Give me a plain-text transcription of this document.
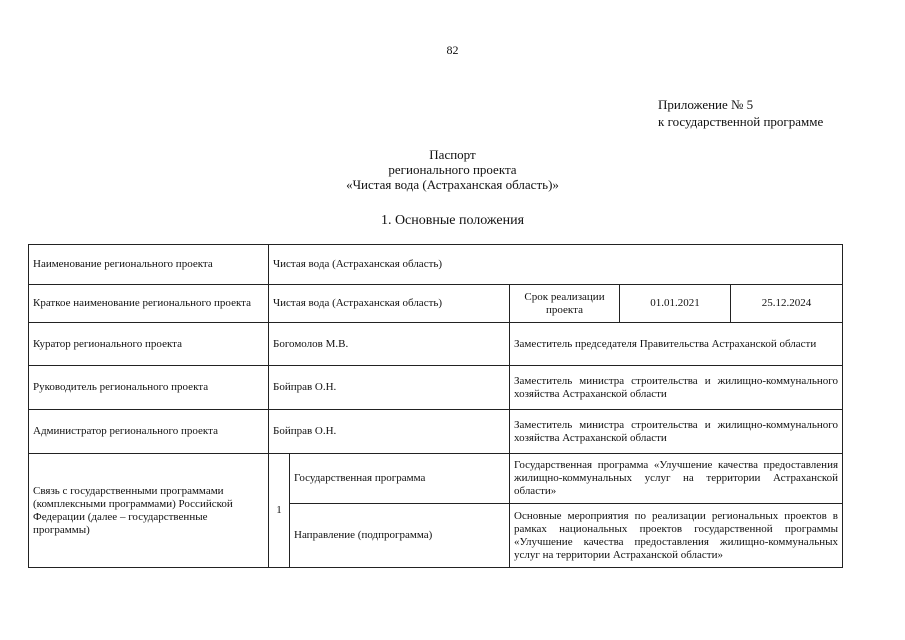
82
Приложение № 5
к государственной программе
Паспорт
регионального проекта
«Чистая вода (Астраханская область)»
1. Основные положения
Наименование регионального проекта	Чистая вода (Астраханская область)				
Краткое наименование регионального проекта	Чистая вода (Астраханская область)		Срок реализации проекта	01.01.2021	25.12.2024
Куратор регионального проекта	Богомолов М.В.		Заместитель председателя Правительства Астраханской области		
Руководитель регионального проекта	Бойправ О.Н.		Заместитель министра строительства и жилищно-коммунального хозяйства Астраханской области		
Администратор регионального проекта	Бойправ О.Н.		Заместитель министра строительства и жилищно-коммунального хозяйства Астраханской области		
Связь с государственными программами (комплексными программами) Российской Федерации (далее – государственные программы)	1	Государственная программа	Государственная программа «Улучшение качества предоставления жилищно-коммунальных услуг на территории Астраханской области»		
		Направление (подпрограмма)	Основные мероприятия по реализации региональных проектов в рамках национальных проектов государственной программы «Улучшение качества предоставления жилищно-коммунальных услуг на территории Астраханской области»		
